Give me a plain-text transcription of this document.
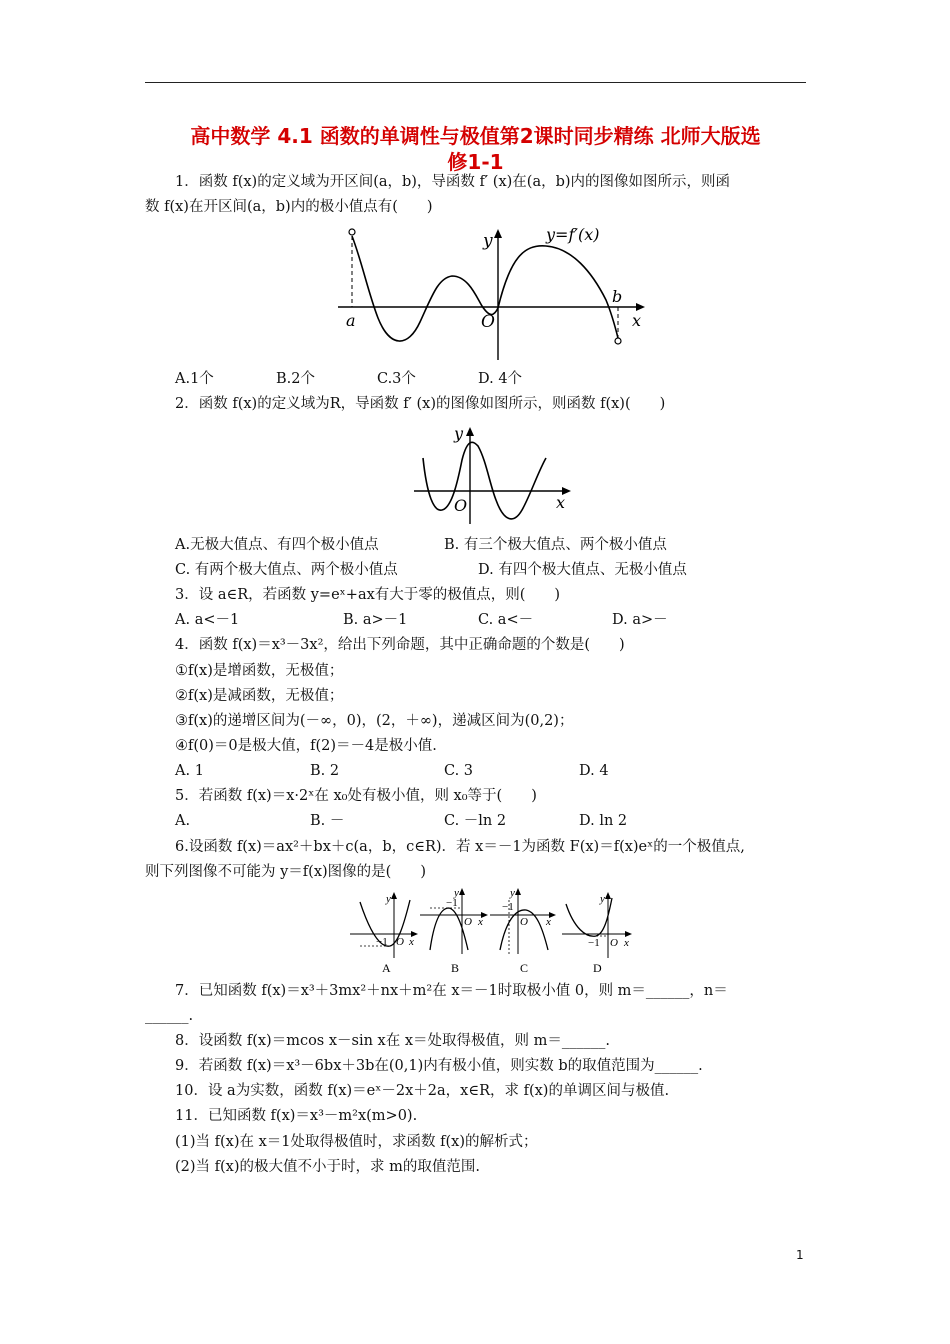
高中数学 4.1 函数的单调性与极值第2课时同步精练 北师大版选
修1-1
1．函数 f(x)的定义域为开区间(a，b)，导函数 f′ (x)在(a，b)内的图像如图所示，则函
数 f(x)在开区间(a，b)内的极小值点有(　　)
y	y=f′(x)
a
b
O	x
A.1个	B.2个	C.3个	D. 4个
2．函数 f(x)的定义域为R，导函数 f′ (x)的图像如图所示，则函数 f(x)(　　)
y
O	x
A.无极大值点、有四个极小值点	B. 有三个极大值点、两个极小值点
C. 有两个极大值点、两个极小值点	D. 有四个极大值点、无极小值点
3．设 a∈R，若函数 y=eˣ+ax有大于零的极值点，则(　　)
A. a<－1	B. a>－1	C. a<－	D. a>－
4．函数 f(x)＝x³－3x²，给出下列命题，其中正确命题的个数是(　　)
①f(x)是增函数，无极值；
②f(x)是减函数，无极值；
③f(x)的递增区间为(－∞，0)，(2，＋∞)，递减区间为(0,2)；
④f(0)＝0是极大值，f(2)＝－4是极小值.
A. 1	B. 2	C. 3	D. 4
5．若函数 f(x)＝x·2ˣ在 x₀处有极小值，则 x₀等于(　　)
A.	B. －	C. －ln 2	D. ln 2
6.设函数 f(x)＝ax²＋bx＋c(a，b，c∈R)．若 x＝－1为函数 F(x)＝f(x)eˣ的一个极值点,
则下列图像不可能为 y＝f(x)图像的是(　　)
y
−1 O x
y
−1
O x
y
−1
O x
y
−1 O x
A	B	C	D
7．已知函数 f(x)＝x³＋3mx²＋nx＋m²在 x＝－1时取极小值 0，则 m＝______，n＝
______.
8．设函数 f(x)＝mcos x－sin x在 x＝处取得极值，则 m＝______.
9．若函数 f(x)＝x³－6bx＋3b在(0,1)内有极小值，则实数 b的取值范围为______.
10．设 a为实数，函数 f(x)＝eˣ－2x＋2a，x∈R，求 f(x)的单调区间与极值.
11．已知函数 f(x)＝x³－m²x(m>0).
(1)当 f(x)在 x＝1处取得极值时，求函数 f(x)的解析式；
(2)当 f(x)的极大值不小于时，求 m的取值范围.
1
